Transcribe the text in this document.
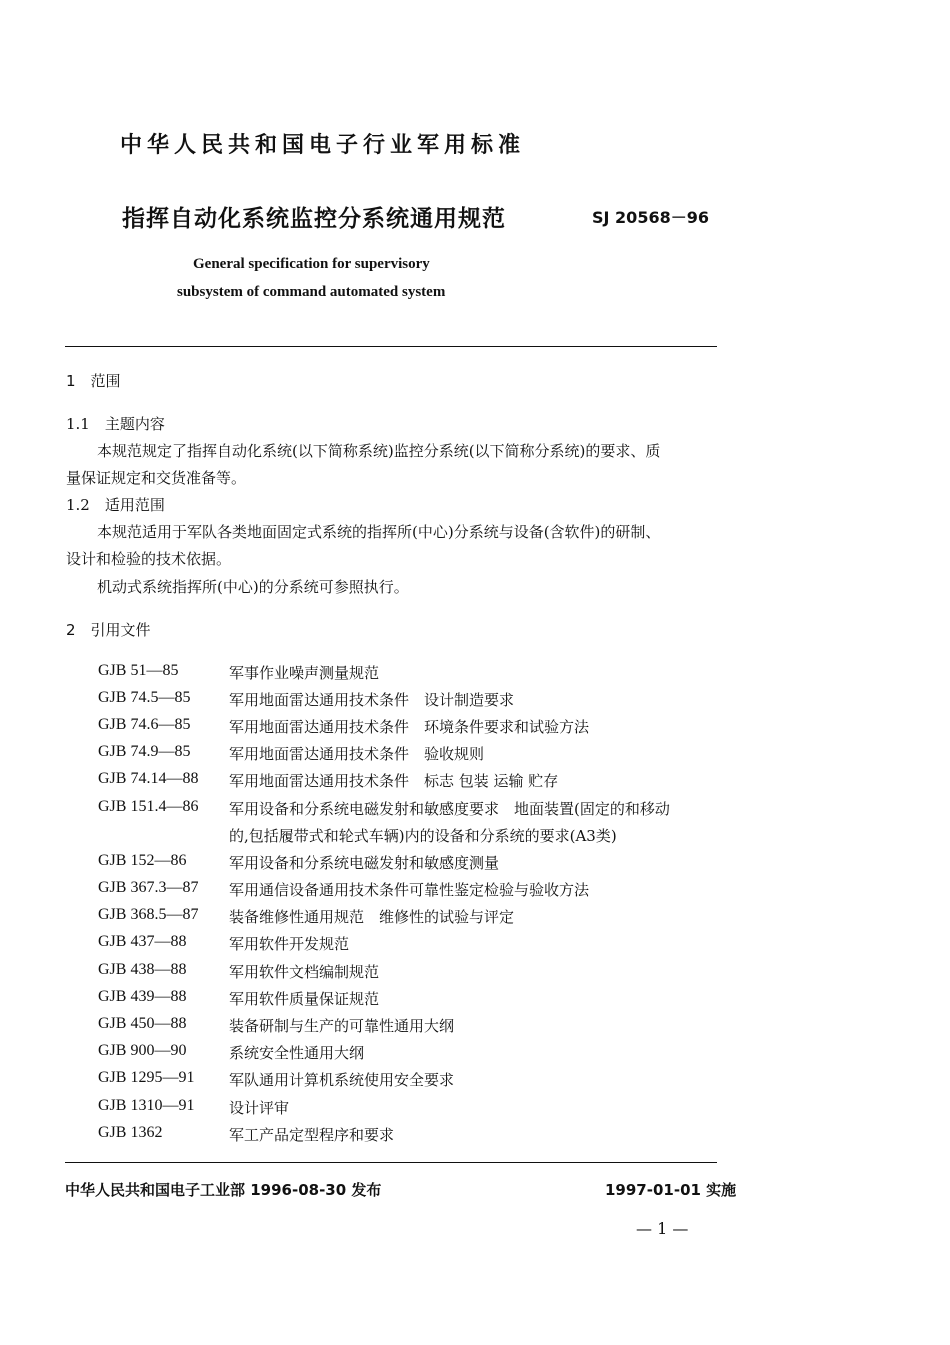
中华人民共和国电子行业军用标准
指挥自动化系统监控分系统通用规范	SJ 20568－96
General specification for supervisory
subsystem of command automated system
1　范围
1.1　主题内容
本规范规定了指挥自动化系统(以下简称系统)监控分系统(以下简称分系统)的要求、质
量保证规定和交货准备等。
1.2　适用范围
本规范适用于军队各类地面固定式系统的指挥所(中心)分系统与设备(含软件)的研制、
设计和检验的技术依据。
机动式系统指挥所(中心)的分系统可参照执行。
2　引用文件
GJB 51—85	军事作业噪声测量规范
GJB 74.5—85	军用地面雷达通用技术条件　设计制造要求
GJB 74.6—85	军用地面雷达通用技术条件　环境条件要求和试验方法
GJB 74.9—85	军用地面雷达通用技术条件　验收规则
GJB 74.14—88 军用地面雷达通用技术条件　标志 包装 运输 贮存
GJB 151.4—86 军用设备和分系统电磁发射和敏感度要求　地面装置(固定的和移动
的,包括履带式和轮式车辆)内的设备和分系统的要求(A3类)
GJB 152—86	军用设备和分系统电磁发射和敏感度测量
GJB 367.3—87 军用通信设备通用技术条件可靠性鉴定检验与验收方法
GJB 368.5—87 装备维修性通用规范　维修性的试验与评定
GJB 437—88	军用软件开发规范
GJB 438—88	军用软件文档编制规范
GJB 439—88	军用软件质量保证规范
GJB 450—88	装备研制与生产的可靠性通用大纲
GJB 900—90	系统安全性通用大纲
GJB 1295—91 军队通用计算机系统使用安全要求
GJB 1310—91 设计评审
GJB 1362	军工产品定型程序和要求
中华人民共和国电子工业部 1996-08-30 发布	1997-01-01 实施
— 1 —
